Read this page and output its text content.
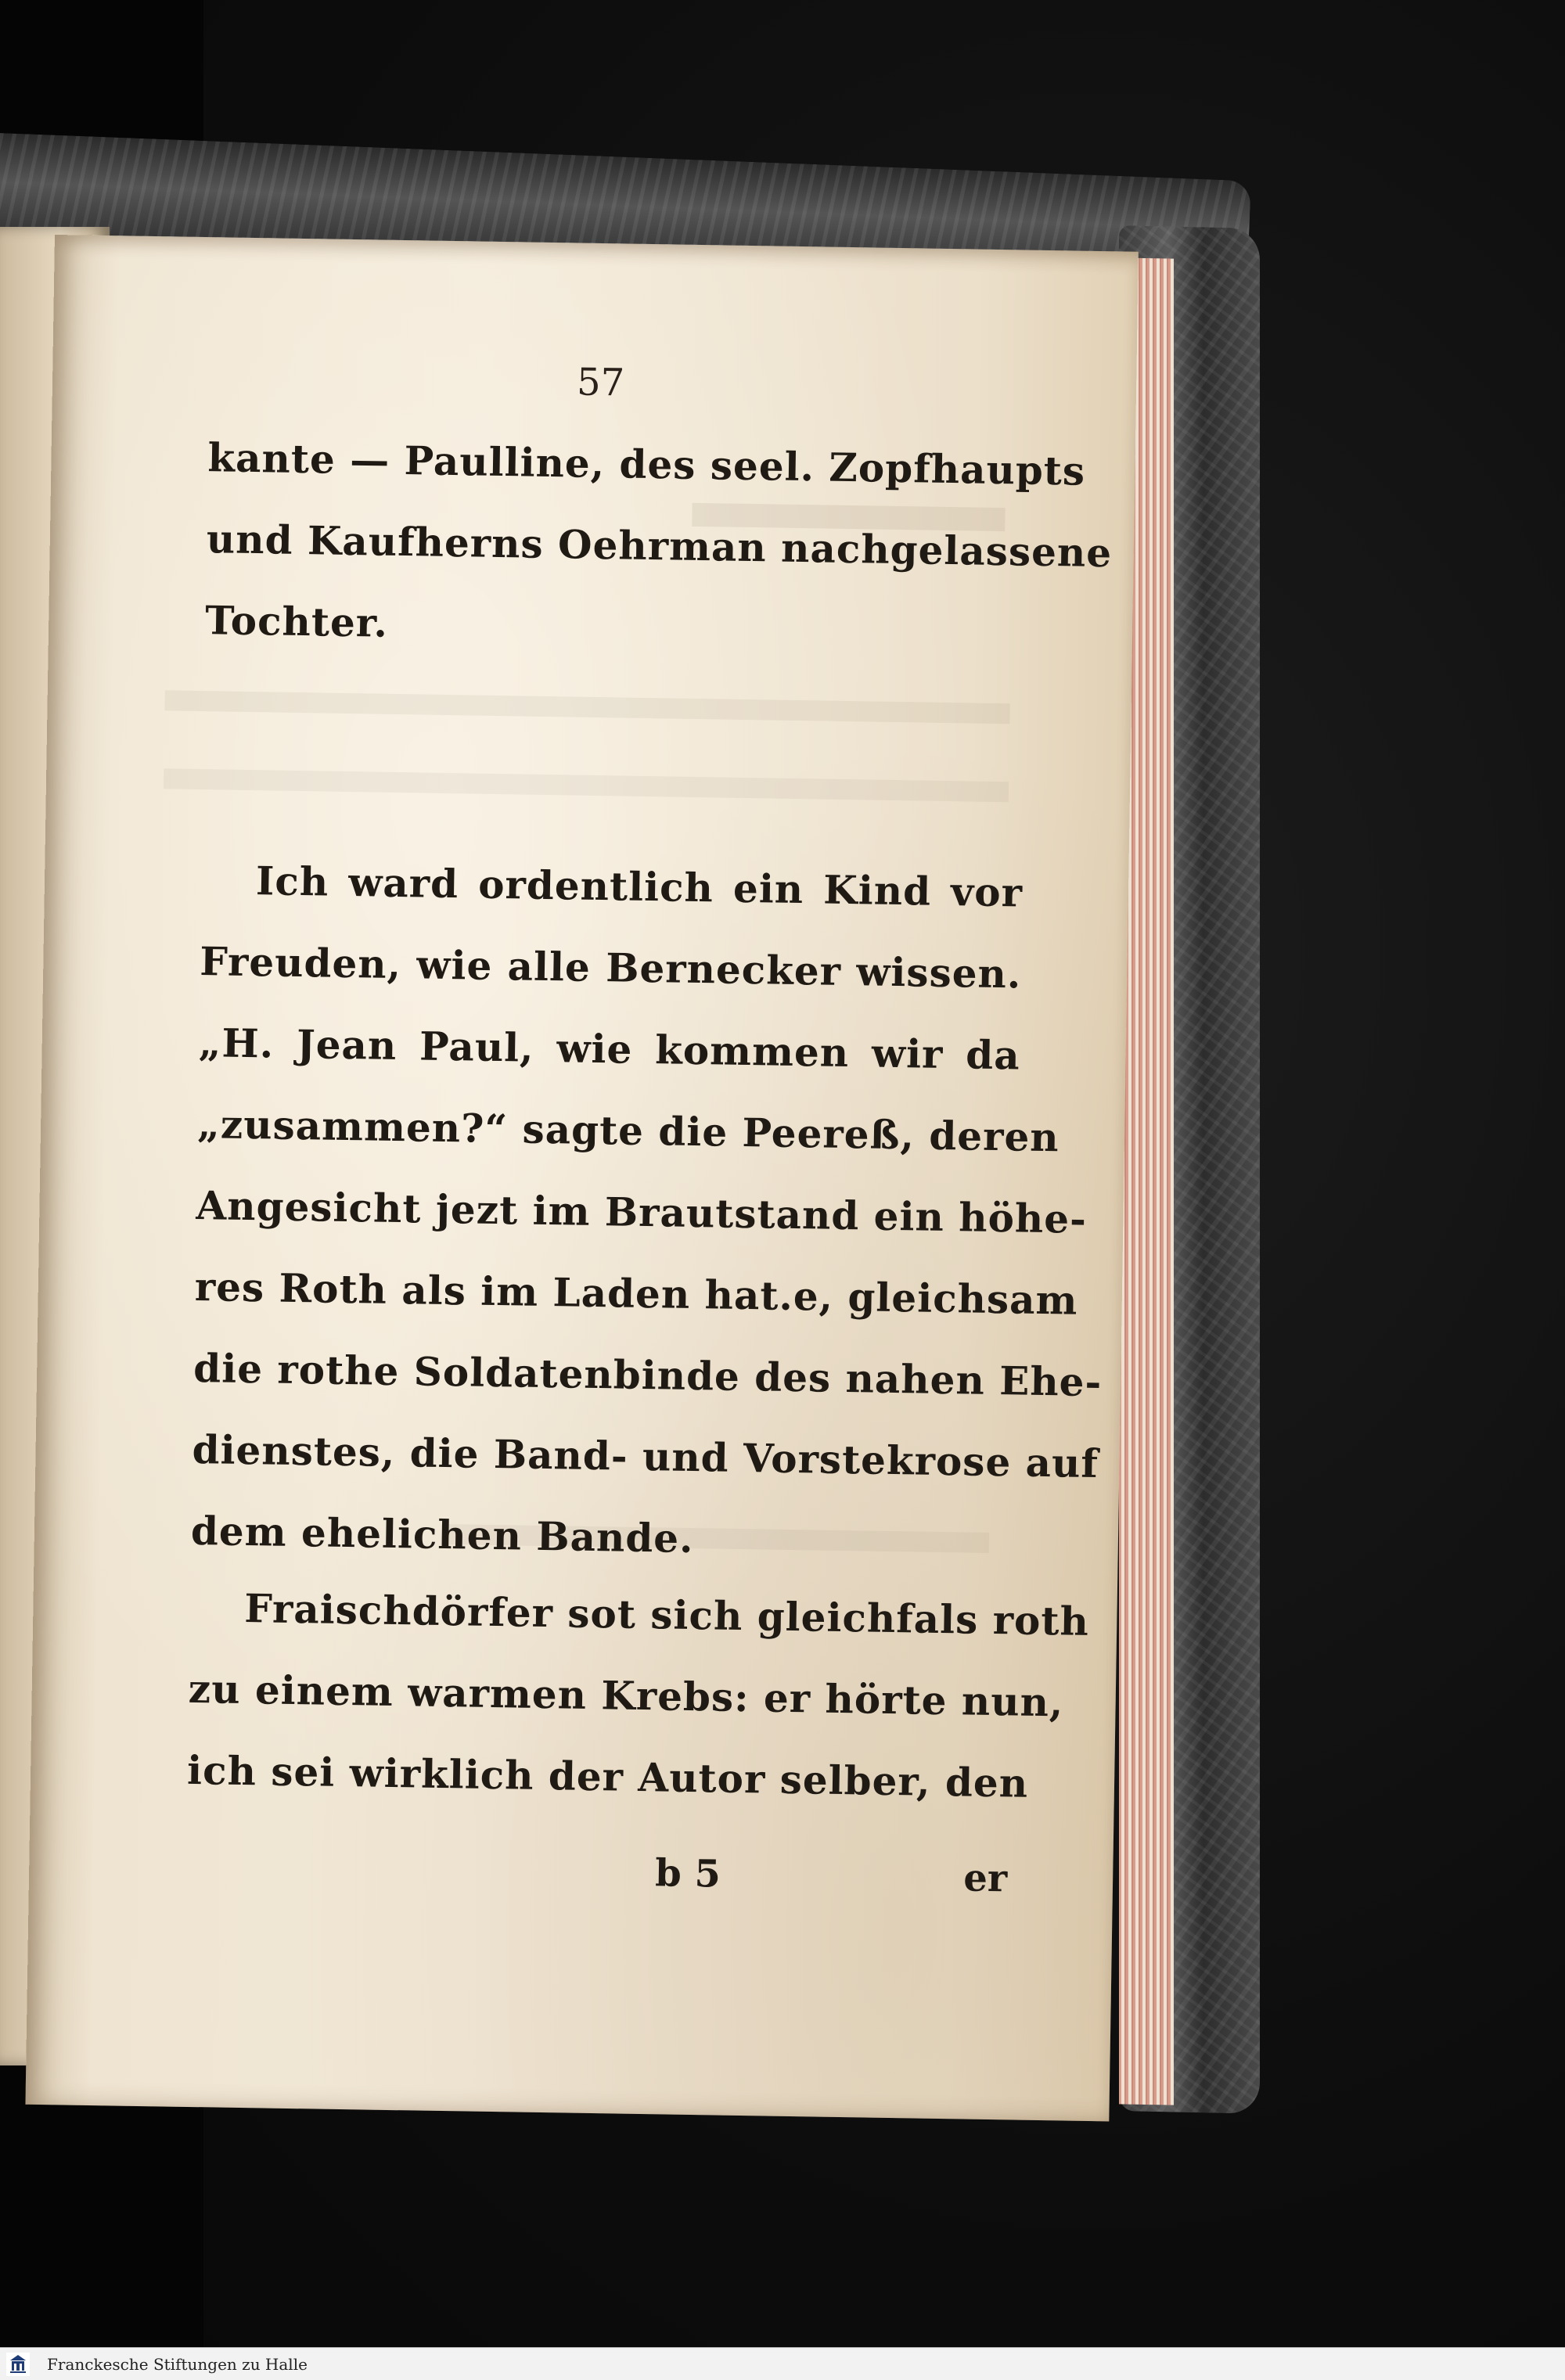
57

kante — Paulline, des seel. Zopfhaupts
und Kaufherns Oehrman nachgelassene
Tochter.
Ich ward ordentlich ein Kind vor
Freuden, wie alle Bernecker wissen.
„H. Jean Paul, wie kommen wir da
„zusammen?“ sagte die Peereß, deren
Angesicht jezt im Brautstand ein höhe-
res Roth als im Laden hat.e, gleichsam
die rothe Soldatenbinde des nahen Ehe-
dienstes, die Band- und Vorstekrose auf
dem ehelichen Bande.
Fraischdörfer sot sich gleichfals roth
zu einem warmen Krebs: er hörte nun,
ich sei wirklich der Autor selber, den
b 5	er
Franckesche Stiftungen zu Halle
